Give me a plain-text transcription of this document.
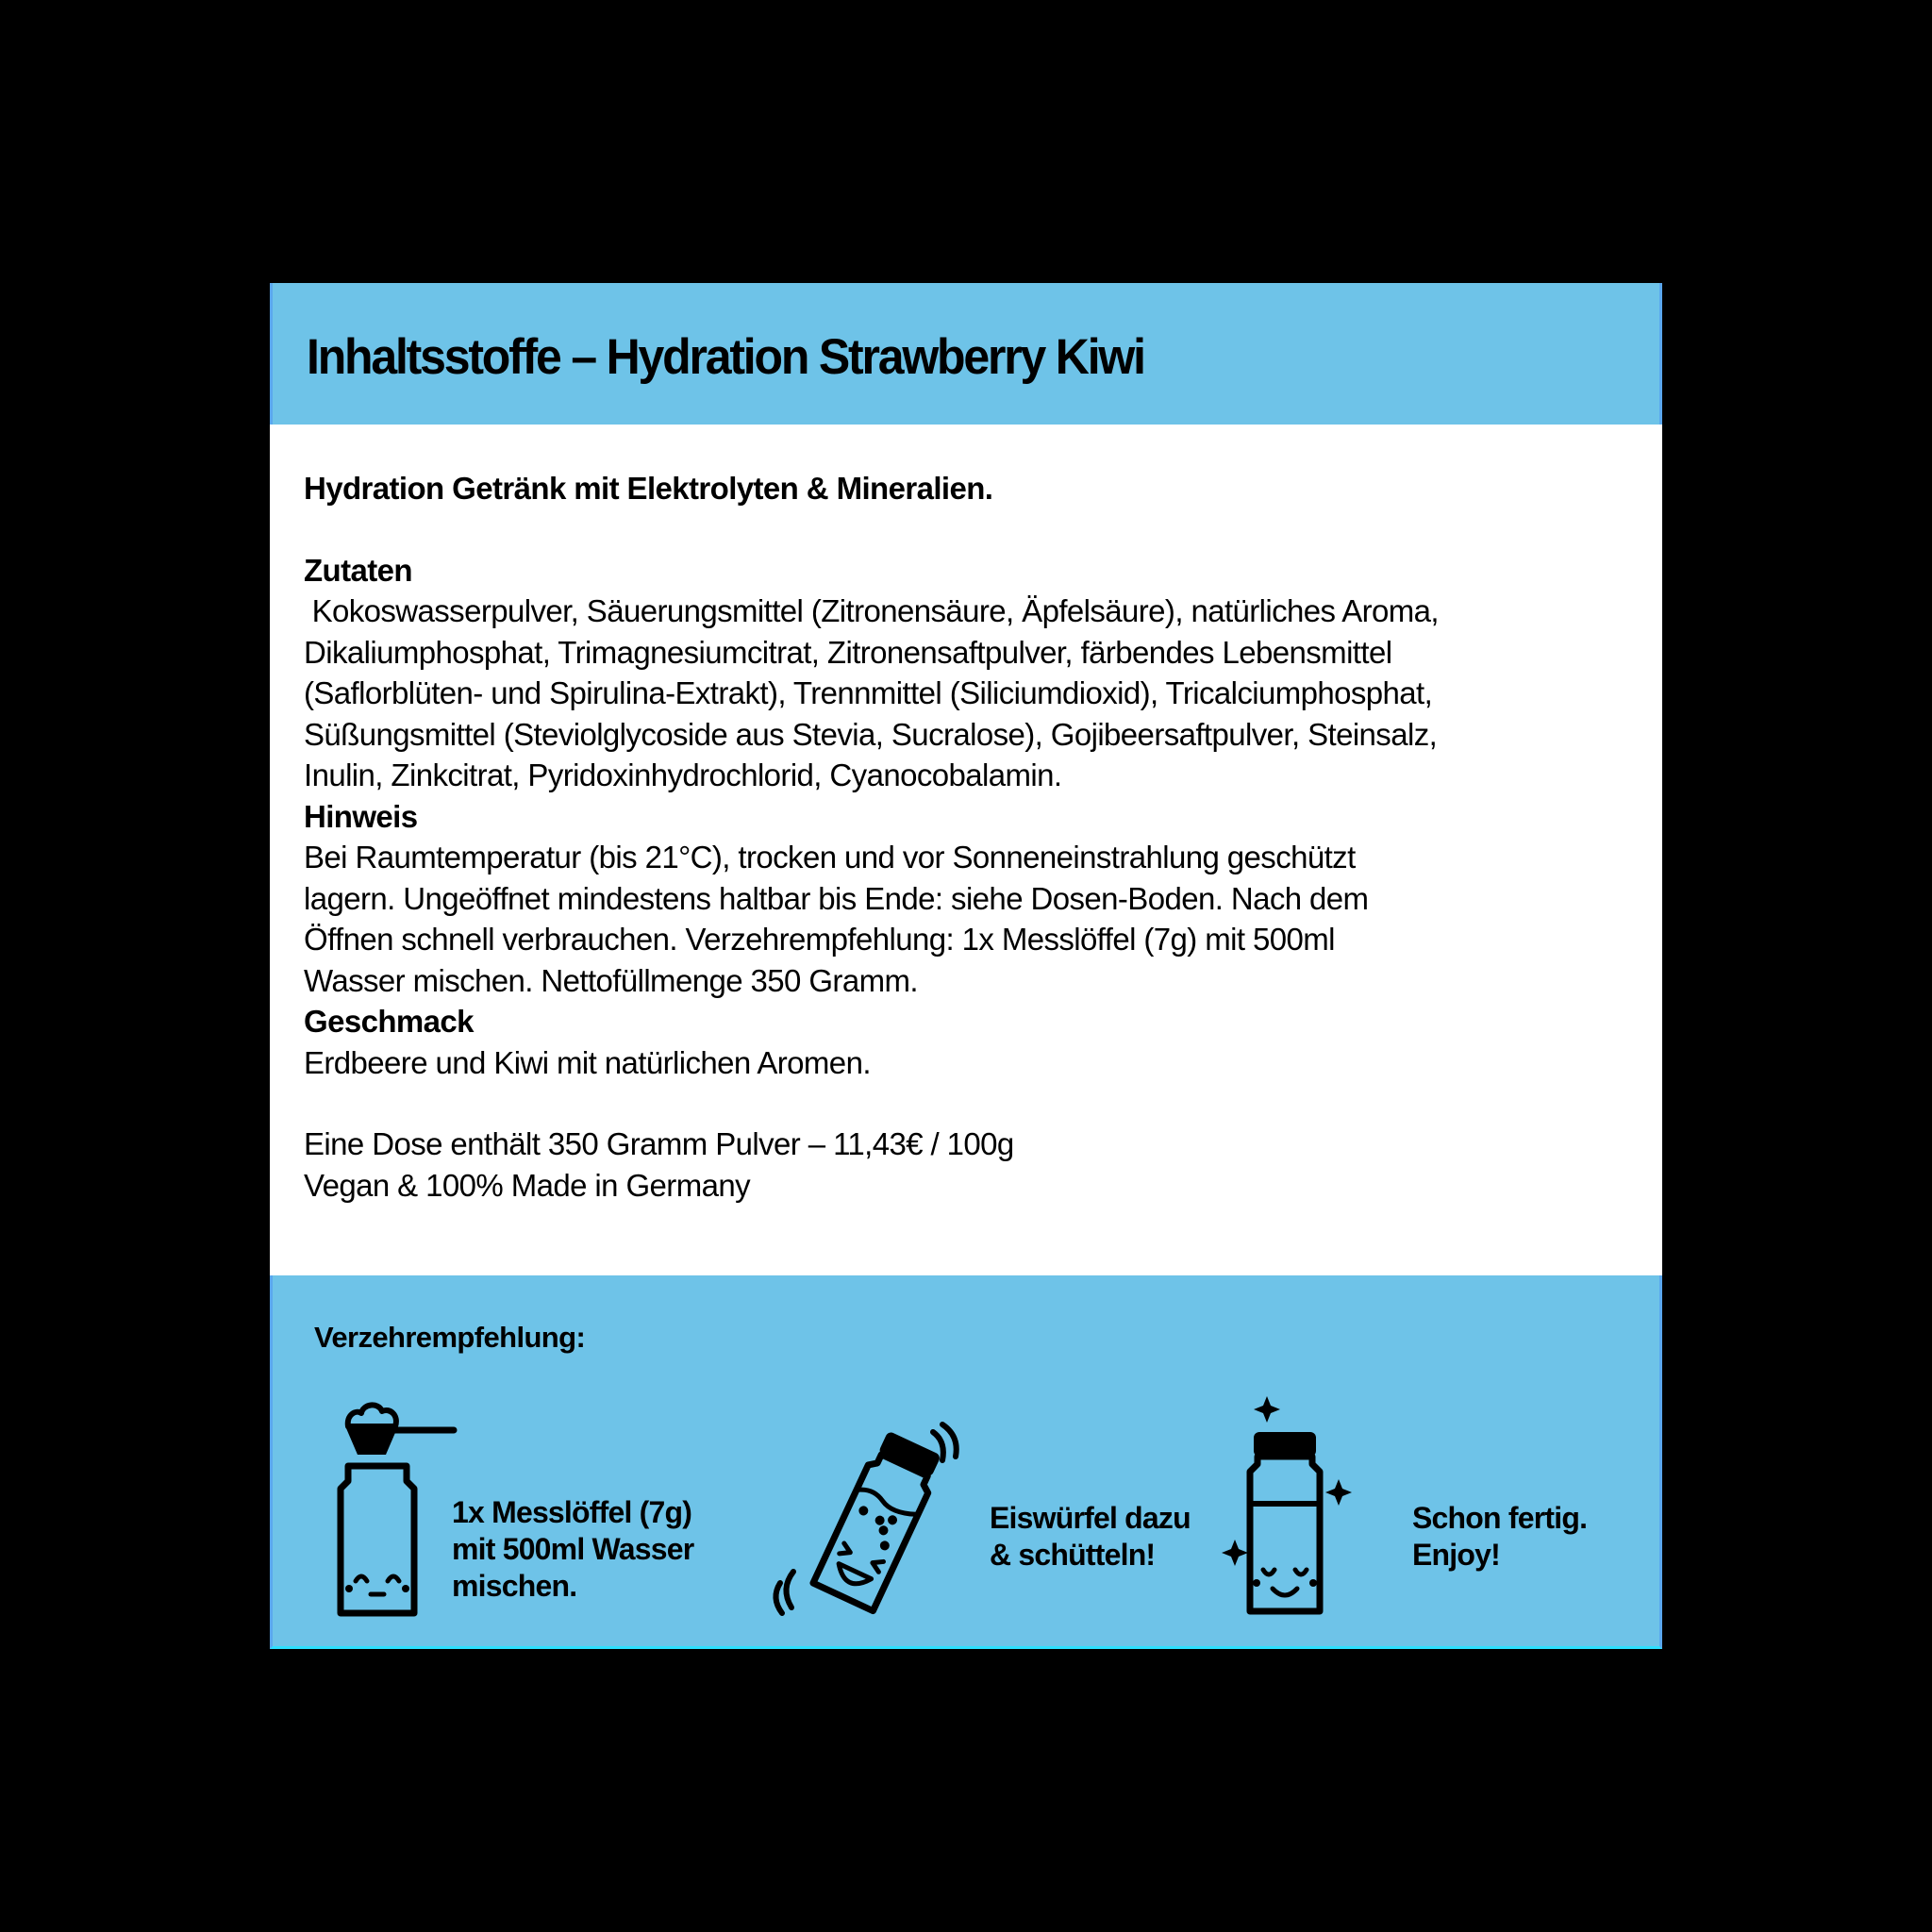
Inhaltsstoffe – Hydration Strawberry Kiwi

Hydration Getränk mit Elektrolyten & Mineralien.

Zutaten

Kokoswasserpulver, Säuerungsmittel (Zitronensäure, Äpfelsäure), natürliches Aroma,

Dikaliumphosphat, Trimagnesiumcitrat, Zitronensaftpulver, färbendes Lebensmittel

(Saflorblüten- und Spirulina-Extrakt), Trennmittel (Siliciumdioxid), Tricalciumphosphat,

Süßungsmittel (Steviolglycoside aus Stevia, Sucralose), Gojibeersaftpulver, Steinsalz,

Inulin, Zinkcitrat, Pyridoxinhydrochlorid, Cyanocobalamin.

Hinweis

Bei Raumtemperatur (bis 21°C), trocken und vor Sonneneinstrahlung geschützt

lagern. Ungeöffnet mindestens haltbar bis Ende: siehe Dosen-Boden. Nach dem

Öffnen schnell verbrauchen. Verzehrempfehlung: 1x Messlöffel (7g) mit 500ml

Wasser mischen. Nettofüllmenge 350 Gramm.

Geschmack

Erdbeere und Kiwi mit natürlichen Aromen.

Eine Dose enthält 350 Gramm Pulver – 11,43€ / 100g

Vegan & 100% Made in Germany

Verzehrempfehlung:
1x Messlöffel (7g)
mit 500ml Wasser
mischen.
Eiswürfel dazu
& schütteln!
Schon fertig.
Enjoy!
